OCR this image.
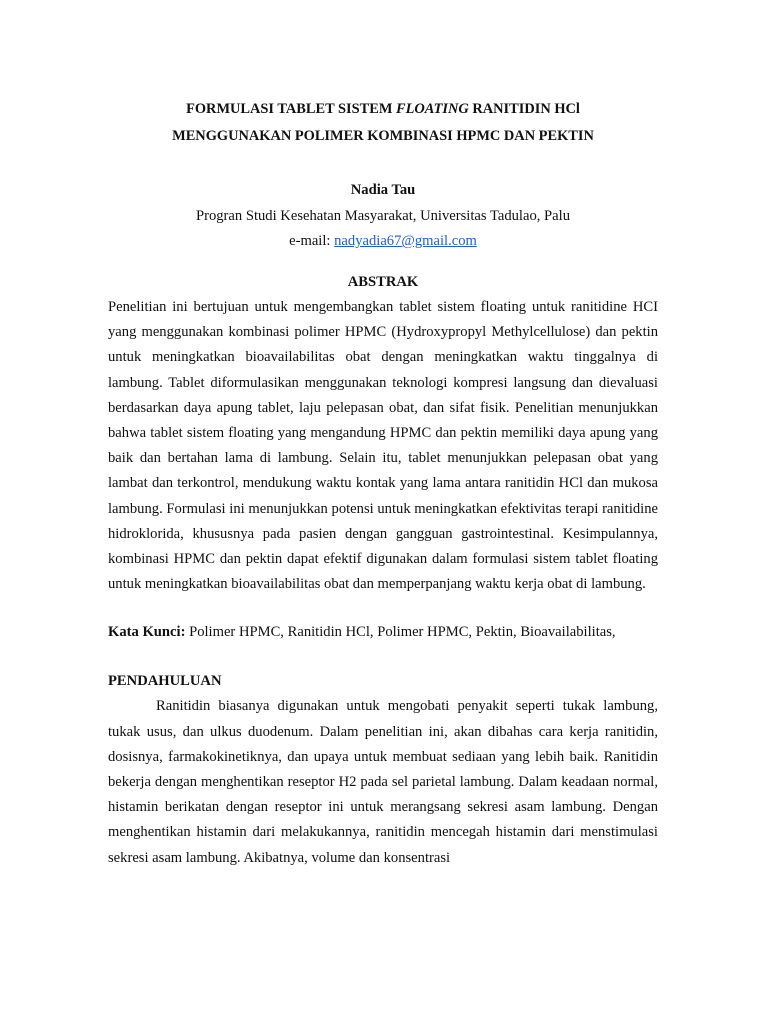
FORMULASI TABLET SISTEM FLOATING RANITIDIN HCl
MENGGUNAKAN POLIMER KOMBINASI HPMC DAN PEKTIN

Nadia Tau
Progran Studi Kesehatan Masyarakat, Universitas Tadulao, Palu
e-mail: nadyadia67@gmail.com
ABSTRAK

Penelitian ini bertujuan untuk mengembangkan tablet sistem floating untuk ranitidine HCI yang menggunakan kombinasi polimer HPMC (Hydroxypropyl Methylcellulose) dan pektin untuk meningkatkan bioavailabilitas obat dengan meningkatkan waktu tinggalnya di lambung. Tablet diformulasikan menggunakan teknologi kompresi langsung dan dievaluasi berdasarkan daya apung tablet, laju pelepasan obat, dan sifat fisik. Penelitian menunjukkan bahwa tablet sistem floating yang mengandung HPMC dan pektin memiliki daya apung yang baik dan bertahan lama di lambung. Selain itu, tablet menunjukkan pelepasan obat yang lambat dan terkontrol, mendukung waktu kontak yang lama antara ranitidin HCl dan mukosa lambung. Formulasi ini menunjukkan potensi untuk meningkatkan efektivitas terapi ranitidine hidroklorida, khususnya pada pasien dengan gangguan gastrointestinal. Kesimpulannya, kombinasi HPMC dan pektin dapat efektif digunakan dalam formulasi sistem tablet floating untuk meningkatkan bioavailabilitas obat dan memperpanjang waktu kerja obat di lambung.

Kata Kunci: Polimer HPMC, Ranitidin HCl, Polimer HPMC, Pektin, Bioavailabilitas,
PENDAHULUAN

Ranitidin biasanya digunakan untuk mengobati penyakit seperti tukak lambung, tukak usus, dan ulkus duodenum. Dalam penelitian ini, akan dibahas cara kerja ranitidin, dosisnya, farmakokinetiknya, dan upaya untuk membuat sediaan yang lebih baik. Ranitidin bekerja dengan menghentikan reseptor H2 pada sel parietal lambung. Dalam keadaan normal, histamin berikatan dengan reseptor ini untuk merangsang sekresi asam lambung. Dengan menghentikan histamin dari melakukannya, ranitidin mencegah histamin dari menstimulasi sekresi asam lambung. Akibatnya, volume dan konsentrasi
